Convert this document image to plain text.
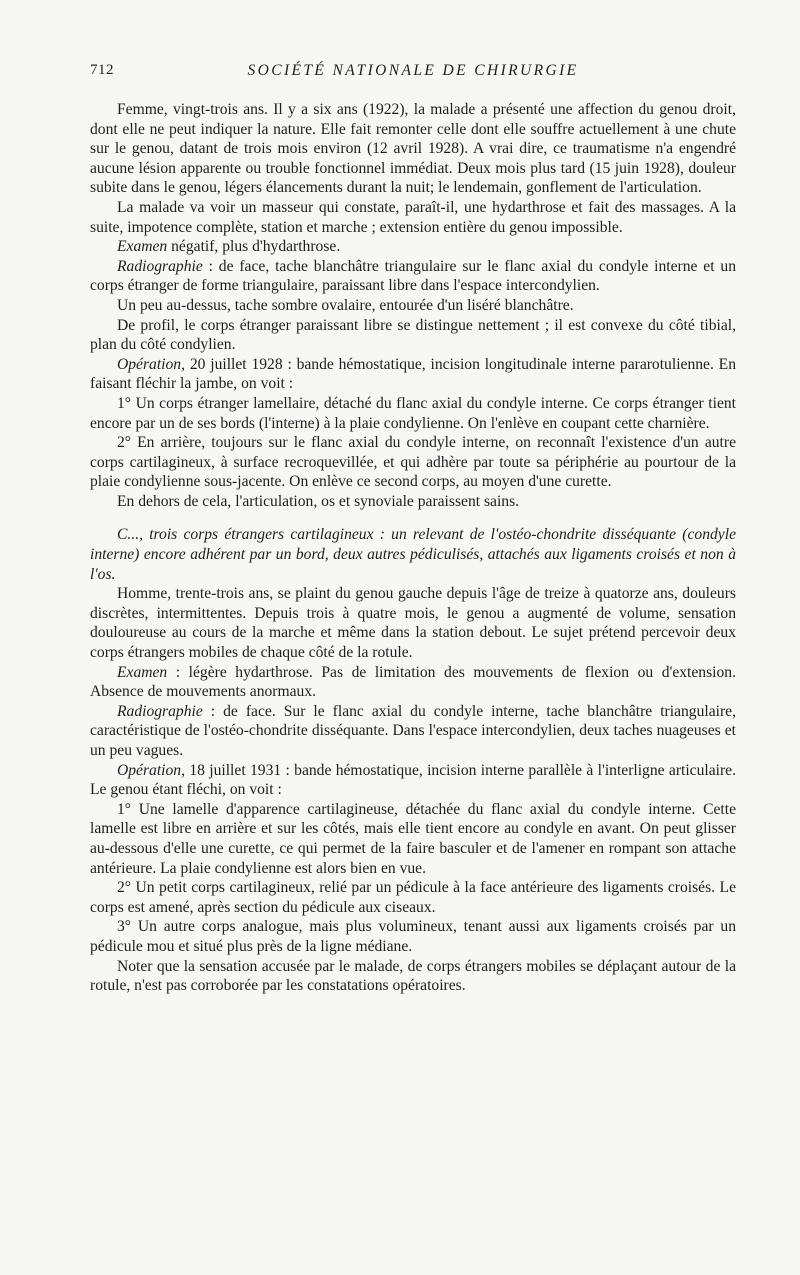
712	SOCIÉTÉ NATIONALE DE CHIRURGIE

Femme, vingt-trois ans. Il y a six ans (1922), la malade a présenté une affection du genou droit, dont elle ne peut indiquer la nature. Elle fait remonter celle dont elle souffre actuellement à une chute sur le genou, datant de trois mois environ (12 avril 1928). A vrai dire, ce traumatisme n'a engendré aucune lésion apparente ou trouble fonctionnel immédiat. Deux mois plus tard (15 juin 1928), douleur subite dans le genou, légers élancements durant la nuit; le lendemain, gonflement de l'articulation.

La malade va voir un masseur qui constate, paraît-il, une hydarthrose et fait des massages. A la suite, impotence complète, station et marche ; extension entière du genou impossible.

Examen négatif, plus d'hydarthrose.

Radiographie : de face, tache blanchâtre triangulaire sur le flanc axial du condyle interne et un corps étranger de forme triangulaire, paraissant libre dans l'espace intercondylien.

Un peu au-dessus, tache sombre ovalaire, entourée d'un liséré blanchâtre.

De profil, le corps étranger paraissant libre se distingue nettement ; il est convexe du côté tibial, plan du côté condylien.

Opération, 20 juillet 1928 : bande hémostatique, incision longitudinale interne pararotulienne. En faisant fléchir la jambe, on voit :

1° Un corps étranger lamellaire, détaché du flanc axial du condyle interne. Ce corps étranger tient encore par un de ses bords (l'interne) à la plaie condylienne. On l'enlève en coupant cette charnière.

2° En arrière, toujours sur le flanc axial du condyle interne, on reconnaît l'existence d'un autre corps cartilagineux, à surface recroquevillée, et qui adhère par toute sa périphérie au pourtour de la plaie condylienne sous-jacente. On enlève ce second corps, au moyen d'une curette.

En dehors de cela, l'articulation, os et synoviale paraissent sains.

C..., trois corps étrangers cartilagineux : un relevant de l'ostéo-chondrite disséquante (condyle interne) encore adhérent par un bord, deux autres pédiculisés, attachés aux ligaments croisés et non à l'os.

Homme, trente-trois ans, se plaint du genou gauche depuis l'âge de treize à quatorze ans, douleurs discrètes, intermittentes. Depuis trois à quatre mois, le genou a augmenté de volume, sensation douloureuse au cours de la marche et même dans la station debout. Le sujet prétend percevoir deux corps étrangers mobiles de chaque côté de la rotule.

Examen : légère hydarthrose. Pas de limitation des mouvements de flexion ou d'extension. Absence de mouvements anormaux.

Radiographie : de face. Sur le flanc axial du condyle interne, tache blanchâtre triangulaire, caractéristique de l'ostéo-chondrite disséquante. Dans l'espace intercondylien, deux taches nuageuses et un peu vagues.

Opération, 18 juillet 1931 : bande hémostatique, incision interne parallèle à l'interligne articulaire. Le genou étant fléchi, on voit :

1° Une lamelle d'apparence cartilagineuse, détachée du flanc axial du condyle interne. Cette lamelle est libre en arrière et sur les côtés, mais elle tient encore au condyle en avant. On peut glisser au-dessous d'elle une curette, ce qui permet de la faire basculer et de l'amener en rompant son attache antérieure. La plaie condylienne est alors bien en vue.

2° Un petit corps cartilagineux, relié par un pédicule à la face antérieure des ligaments croisés. Le corps est amené, après section du pédicule aux ciseaux.

3° Un autre corps analogue, mais plus volumineux, tenant aussi aux ligaments croisés par un pédicule mou et situé plus près de la ligne médiane.

Noter que la sensation accusée par le malade, de corps étrangers mobiles se déplaçant autour de la rotule, n'est pas corroborée par les constatations opératoires.
